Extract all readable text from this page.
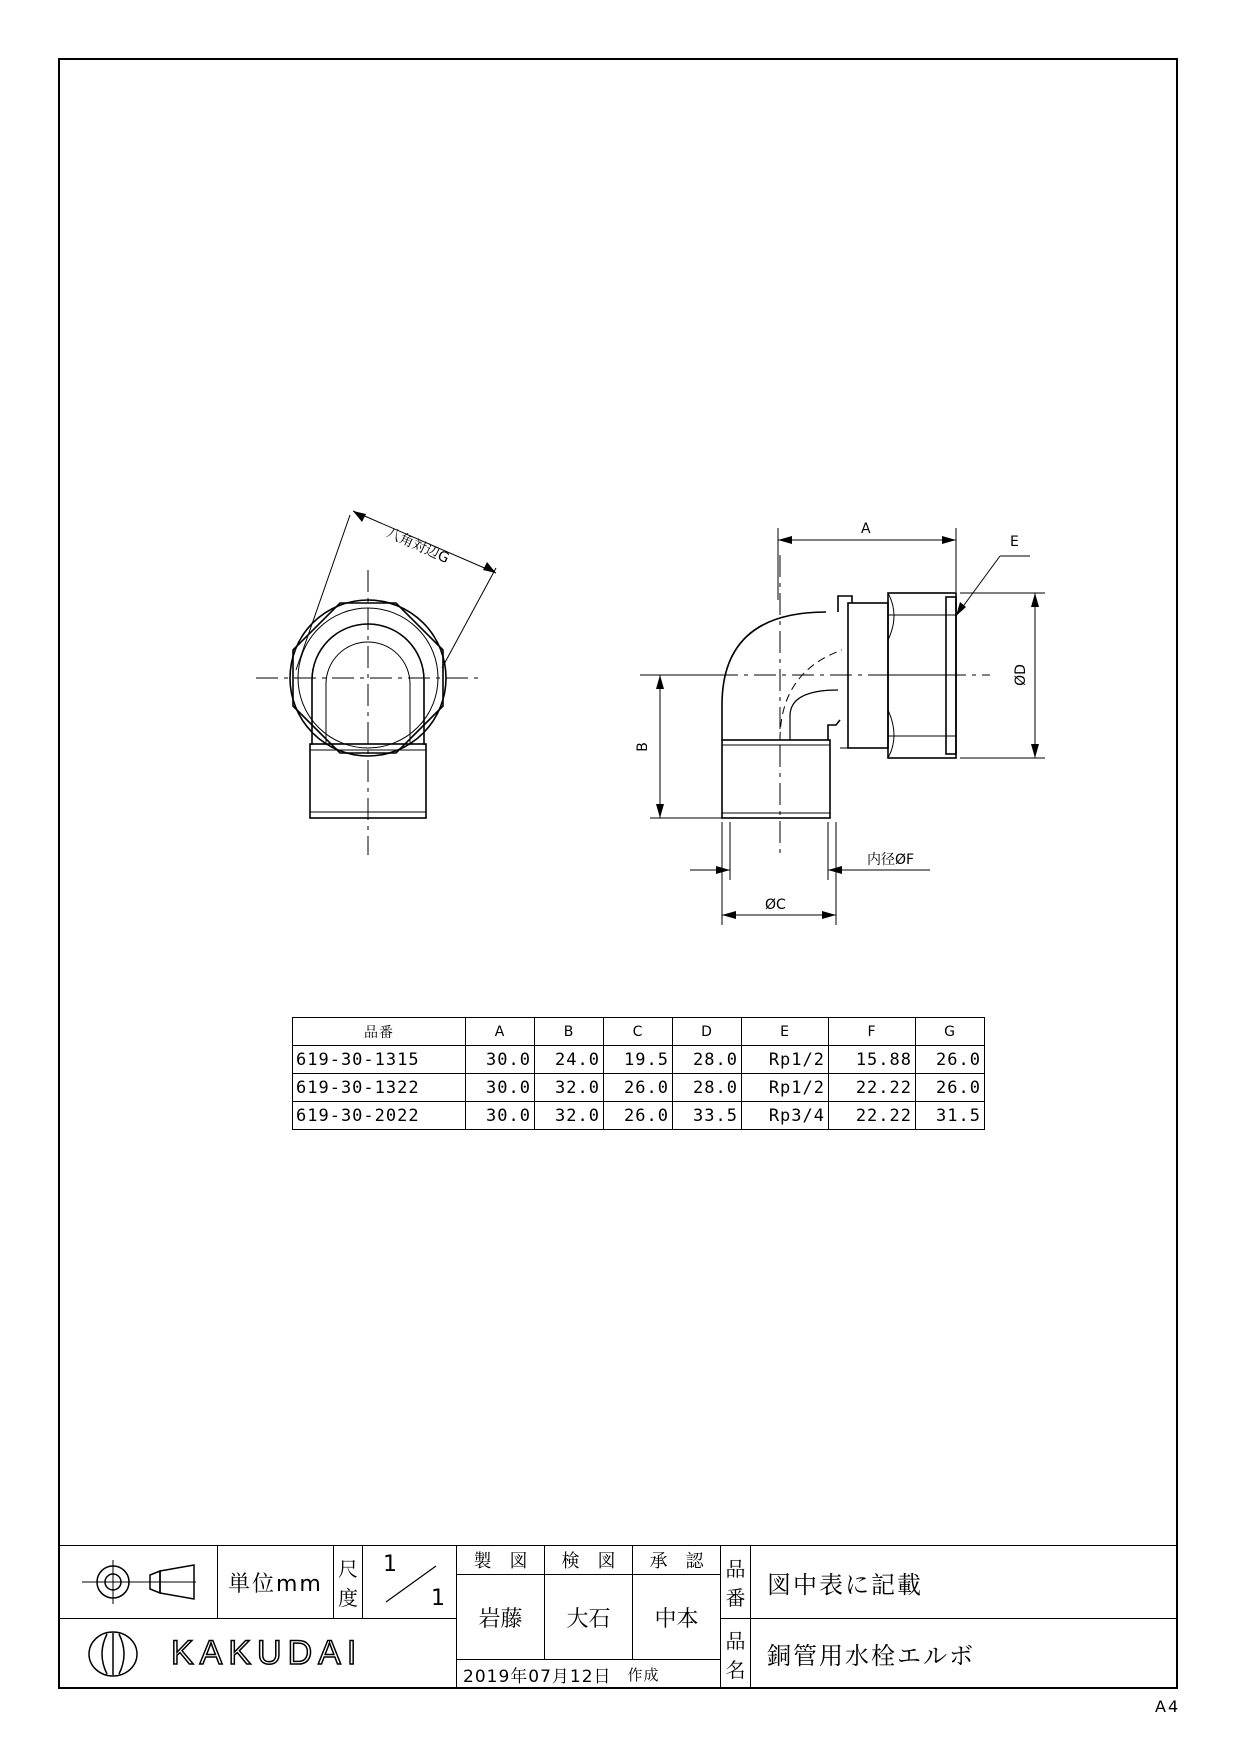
八角対辺G	A
E
B
ØD
内径ØF
ØC
品番	A	B	C	D	E	F	G
619-30-1315	30.0	24.0	19.5	28.0	Rp1/2	15.88	26.0
619-30-1322	30.0	32.0	26.0	28.0	Rp1/2	22.22	26.0
619-30-2022	30.0	32.0	26.0	33.5	Rp3/4	22.22	31.5
単位mm
尺
度
1
1
製　図	検　図	承　認
岩藤	大石	中本
KAKUDAI
2019年07月12日 作成
品
番 図中表に記載
品
名 銅管用水栓エルボ
A4
